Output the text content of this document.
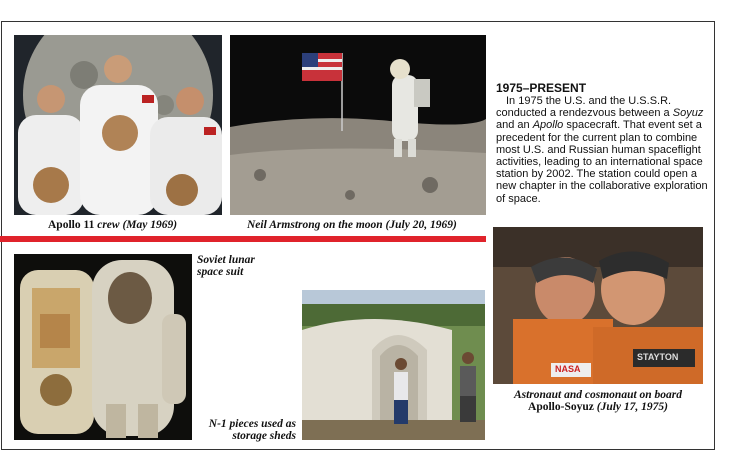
Apollo 11 crew (May 1969)	Neil Armstrong on the moon (July 20, 1969)
1975–PRESENT
In 1975 the U.S. and the U.S.S.R. conducted a rendezvous between a Soyuz and an Apollo spacecraft. That event set a precedent for the current plan to combine most U.S. and Russian human spaceflight activities, leading to an international space station by 2002. The station could open a new chapter in the collaborative exploration of space.
Soviet lunar
space suit
N-1 pieces used as
storage sheds
NASA
STAYTON
Astronaut and cosmonaut on board
Apollo-Soyuz (July 17, 1975)
